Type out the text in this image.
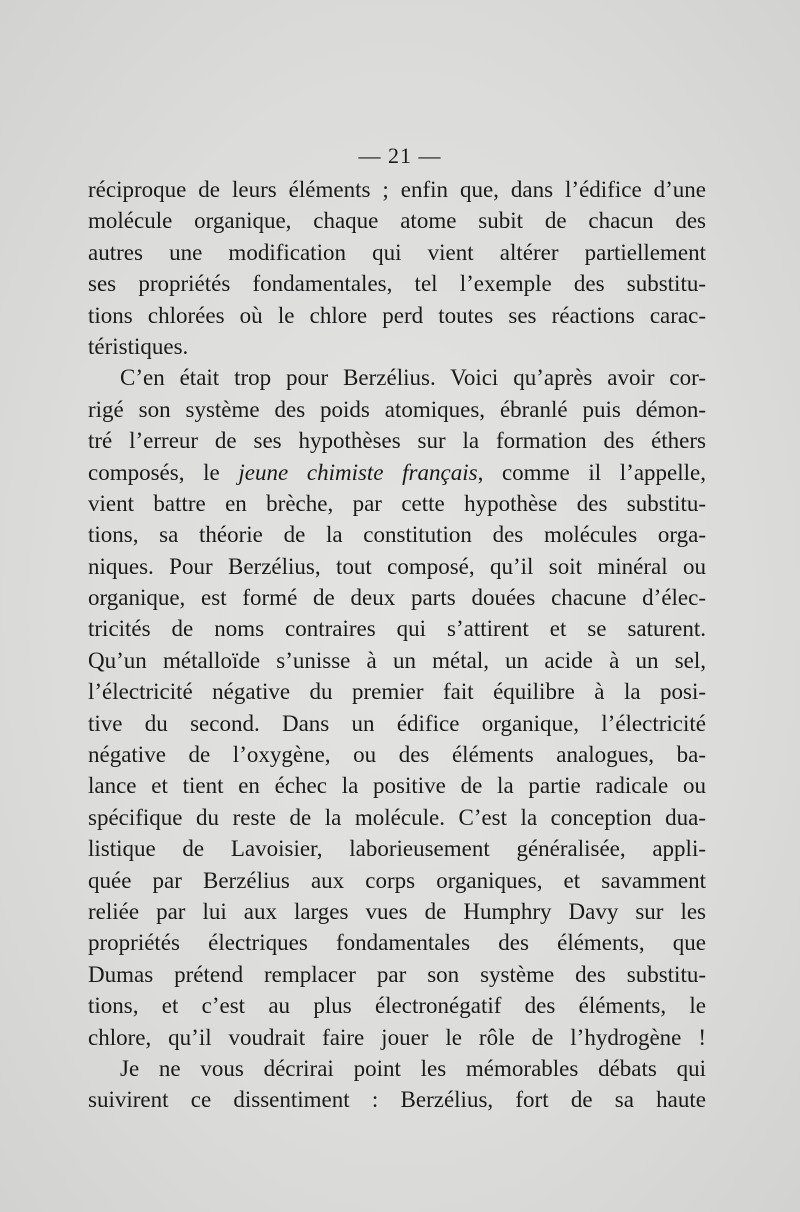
— 21 —
réciproque de leurs éléments ; enfin que, dans l’édifice d’une
molécule organique, chaque atome subit de chacun des
autres une modification qui vient altérer partiellement
ses propriétés fondamentales, tel l’exemple des substitu-
tions chlorées où le chlore perd toutes ses réactions carac-
téristiques.
C’en était trop pour Berzélius. Voici qu’après avoir cor-
rigé son système des poids atomiques, ébranlé puis démon-
tré l’erreur de ses hypothèses sur la formation des éthers
composés, le jeune chimiste français, comme il l’appelle,
vient battre en brèche, par cette hypothèse des substitu-
tions, sa théorie de la constitution des molécules orga-
niques. Pour Berzélius, tout composé, qu’il soit minéral ou
organique, est formé de deux parts douées chacune d’élec-
tricités de noms contraires qui s’attirent et se saturent.
Qu’un métalloïde s’unisse à un métal, un acide à un sel,
l’électricité négative du premier fait équilibre à la posi-
tive du second. Dans un édifice organique, l’électricité
négative de l’oxygène, ou des éléments analogues, ba-
lance et tient en échec la positive de la partie radicale ou
spécifique du reste de la molécule. C’est la conception dua-
listique de Lavoisier, laborieusement généralisée, appli-
quée par Berzélius aux corps organiques, et savamment
reliée par lui aux larges vues de Humphry Davy sur les
propriétés électriques fondamentales des éléments, que
Dumas prétend remplacer par son système des substitu-
tions, et c’est au plus électronégatif des éléments, le
chlore, qu’il voudrait faire jouer le rôle de l’hydrogène !
Je ne vous décrirai point les mémorables débats qui
suivirent ce dissentiment : Berzélius, fort de sa haute
